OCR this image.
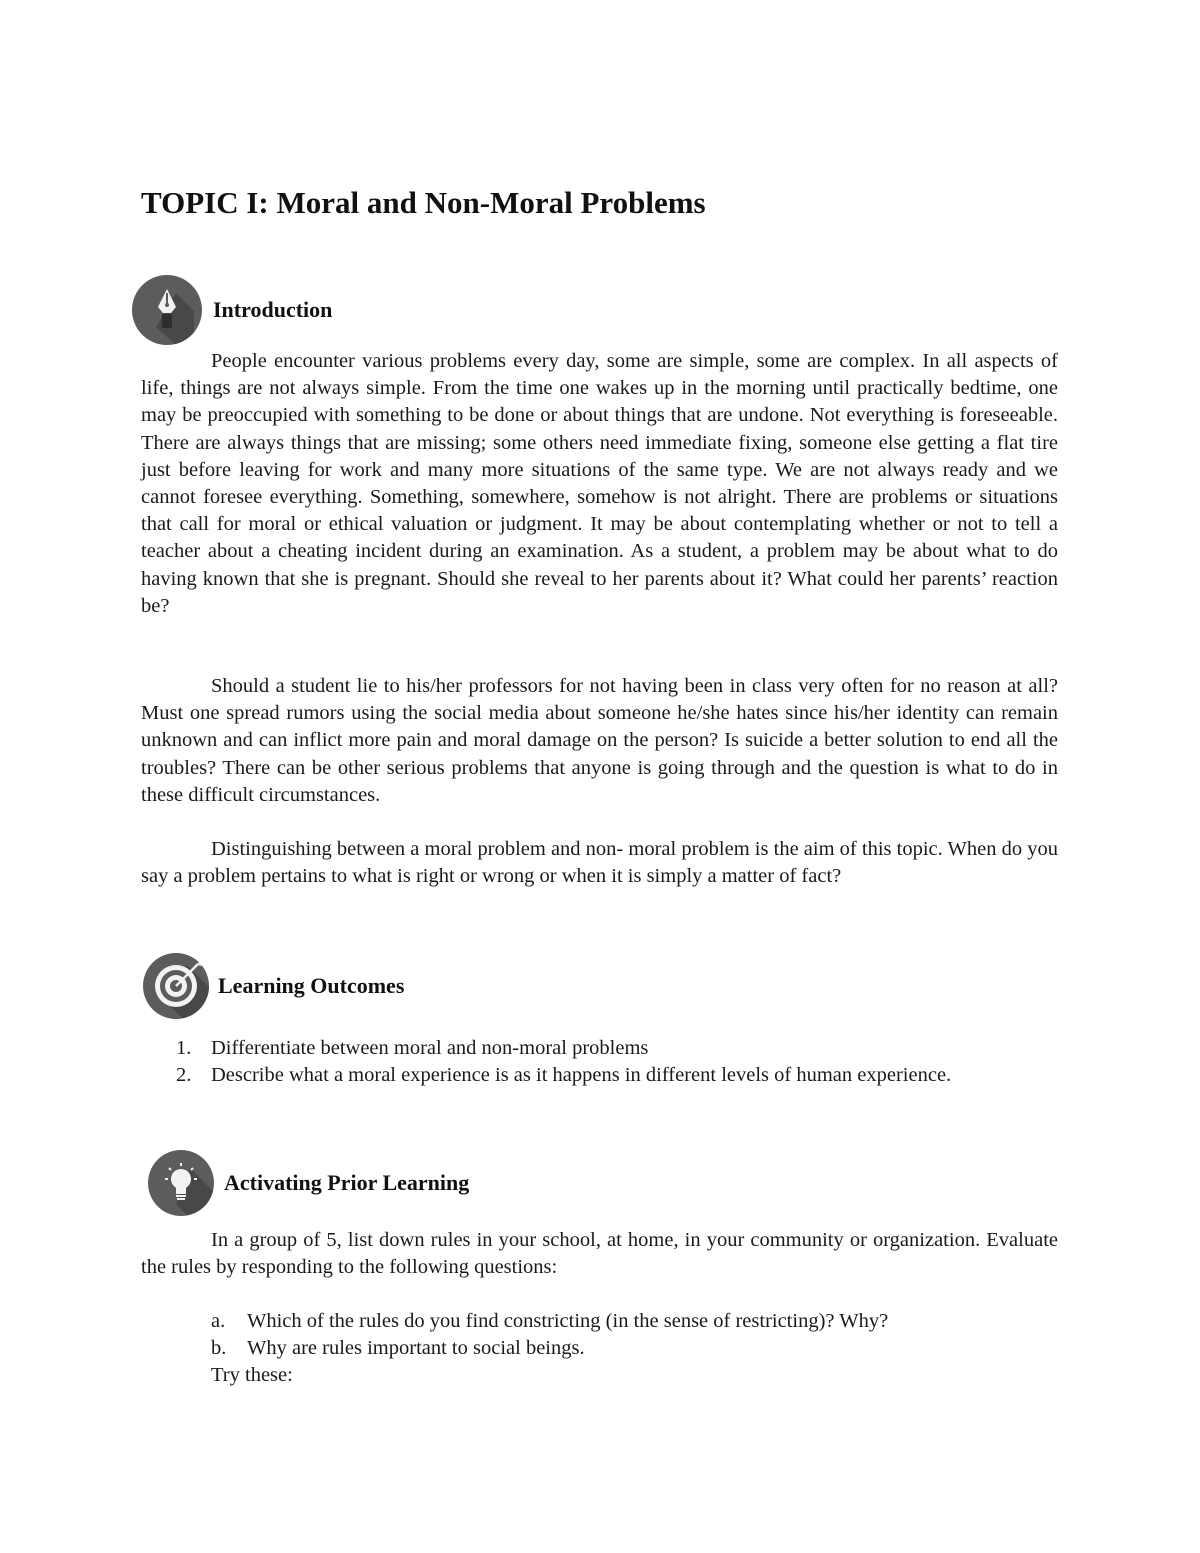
TOPIC I: Moral and Non-Moral Problems
Introduction

People encounter various problems every day, some are simple, some are complex. In all aspects of life, things are not always simple. From the time one wakes up in the morning until practically bedtime, one may be preoccupied with something to be done or about things that are undone. Not everything is foreseeable. There are always things that are missing; some others need immediate fixing, someone else getting a flat tire just before leaving for work and many more situations of the same type. We are not always ready and we cannot foresee everything. Something, somewhere, somehow is not alright. There are problems or situations that call for moral or ethical valuation or judgment. It may be about contemplating whether or not to tell a teacher about a cheating incident during an examination. As a student, a problem may be about what to do having known that she is pregnant. Should she reveal to her parents about it? What could her parents’ reaction be?

Should a student lie to his/her professors for not having been in class very often for no reason at all? Must one spread rumors using the social media about someone he/she hates since his/her identity can remain unknown and can inflict more pain and moral damage on the person? Is suicide a better solution to end all the troubles? There can be other serious problems that anyone is going through and the question is what to do in these difficult circumstances.

Distinguishing between a moral problem and non- moral problem is the aim of this topic. When do you say a problem pertains to what is right or wrong or when it is simply a matter of fact?

Learning Outcomes
1. Differentiate between moral and non-moral problems
2. Describe what a moral experience is as it happens in different levels of human experience.
Activating Prior Learning

In a group of 5, list down rules in your school, at home, in your community or organization. Evaluate the rules by responding to the following questions:

a. Which of the rules do you find constricting (in the sense of restricting)? Why?
b. Why are rules important to social beings.

Try these:
